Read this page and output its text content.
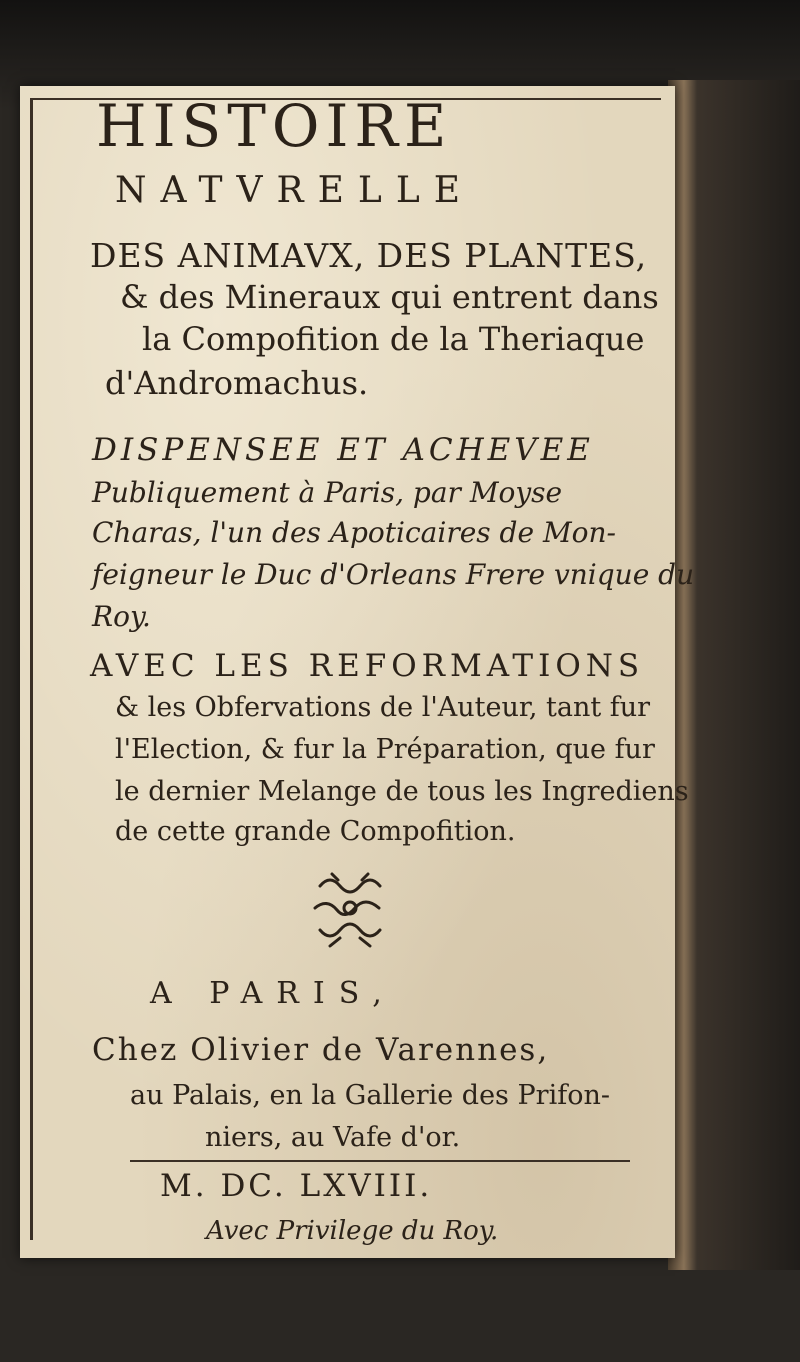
HISTOIRE
NATVRELLE
DES ANIMAVX, DES PLANTES,
& des Mineraux qui entrent dans
la Compofition de la Theriaque
d'Andromachus.
DISPENSEE ET ACHEVEE
Publiquement à Paris, par Moyse
Charas, l'un des Apoticaires de Mon-
feigneur le Duc d'Orleans Frere vnique du
Roy.
AVEC LES REFORMATIONS
& les Obfervations de l'Auteur, tant fur
l'Election, & fur la Préparation, que fur
le dernier Melange de tous les Ingrediens
de cette grande Compofition.
A PARIS,
Chez Olivier de Varennes,
au Palais, en la Gallerie des Prifon-
niers, au Vafe d'or.
M. DC. LXVIII.
Avec Privilege du Roy.
